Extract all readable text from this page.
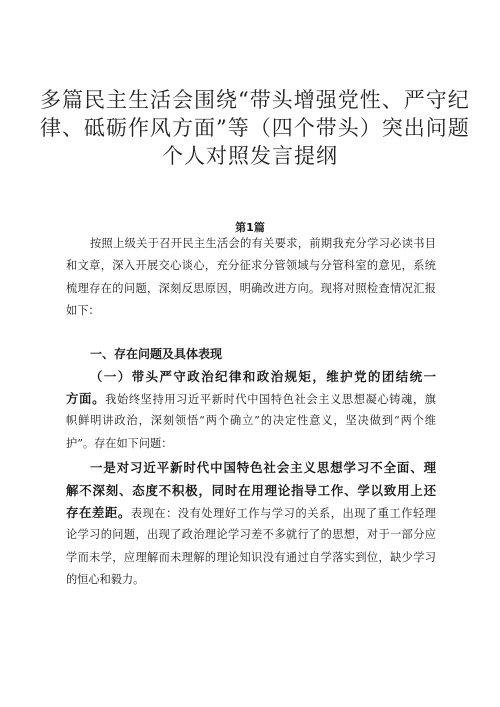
多篇民主生活会围绕“带头增强党性、严守纪
律、砥砺作风方面”等（四个带头）突出问题
个人对照发言提纲
第1篇
按照上级关于召开民主生活会的有关要求，前期我充分学习必读书目
和文章，深入开展交心谈心，充分征求分管领域与分管科室的意见，系统
梳理存在的问题，深刻反思原因，明确改进方向。现将对照检查情况汇报
如下：
一、存在问题及具体表现
（一）带头严守政治纪律和政治规矩，维护党的团结统一
方面。我始终坚持用习近平新时代中国特色社会主义思想凝心铸魂，旗
帜鲜明讲政治，深刻领悟“两个确立”的决定性意义，坚决做到“两个维
护”。存在如下问题：
一是对习近平新时代中国特色社会主义思想学习不全面、理
解不深刻、态度不积极，同时在用理论指导工作、学以致用上还
存在差距。表现在：没有处理好工作与学习的关系，出现了重工作轻理
论学习的问题，出现了政治理论学习差不多就行了的思想，对于一部分应
学而未学，应理解而未理解的理论知识没有通过自学落实到位，缺少学习
的恒心和毅力。
